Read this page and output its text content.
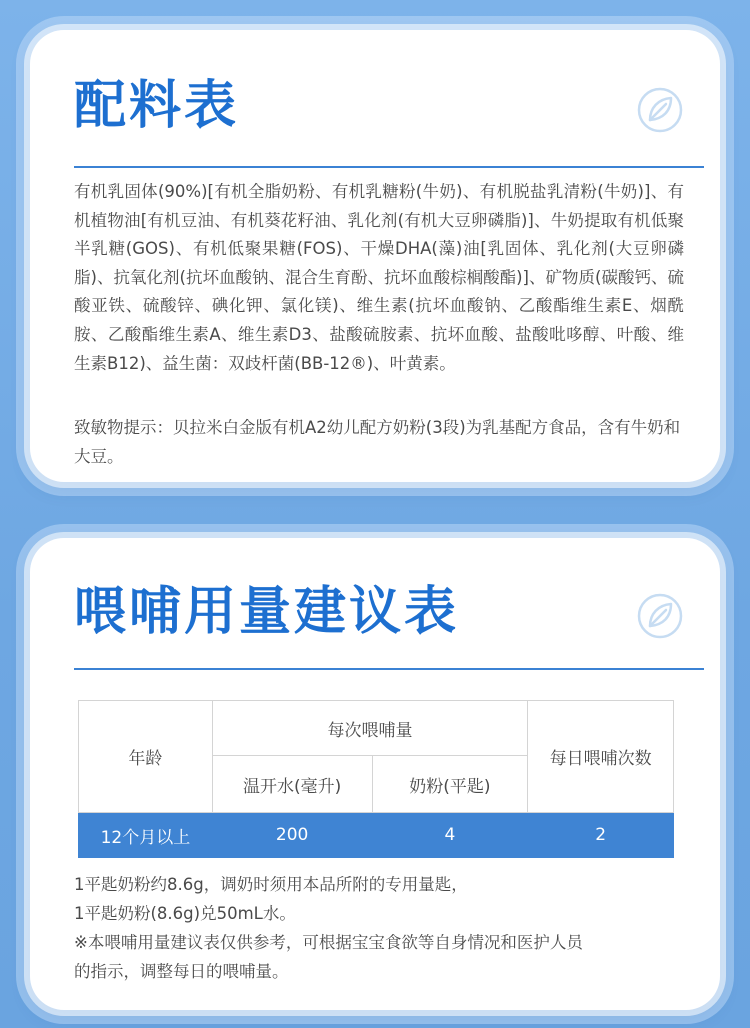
配料表

有机乳固体(90%)[有机全脂奶粉、有机乳糖粉(牛奶)、有机脱盐乳清粉(牛奶)]、有机植物油[有机豆油、有机葵花籽油、乳化剂(有机大豆卵磷脂)]、牛奶提取有机低聚半乳糖(GOS)、有机低聚果糖(FOS)、干燥DHA(藻)油[乳固体、乳化剂(大豆卵磷脂)、抗氧化剂(抗坏血酸钠、混合生育酚、抗坏血酸棕榈酸酯)]、矿物质(碳酸钙、硫酸亚铁、硫酸锌、碘化钾、氯化镁)、维生素(抗坏血酸钠、乙酸酯维生素E、烟酰胺、乙酸酯维生素A、维生素D3、盐酸硫胺素、抗坏血酸、盐酸吡哆醇、叶酸、维生素B12)、益生菌：双歧杆菌(BB-12®)、叶黄素。

致敏物提示：贝拉米白金版有机A2幼儿配方奶粉(3段)为乳基配方食品，含有牛奶和大豆。

喂哺用量建议表
年龄	每次喂哺量		每日喂哺次数
	温开水(毫升)	奶粉(平匙)	
12个月以上	200	4	2
1平匙奶粉约8.6g，调奶时须用本品所附的专用量匙，
1平匙奶粉(8.6g)兑50mL水。
※本喂哺用量建议表仅供参考，可根据宝宝食欲等自身情况和医护人员
的指示，调整每日的喂哺量。
